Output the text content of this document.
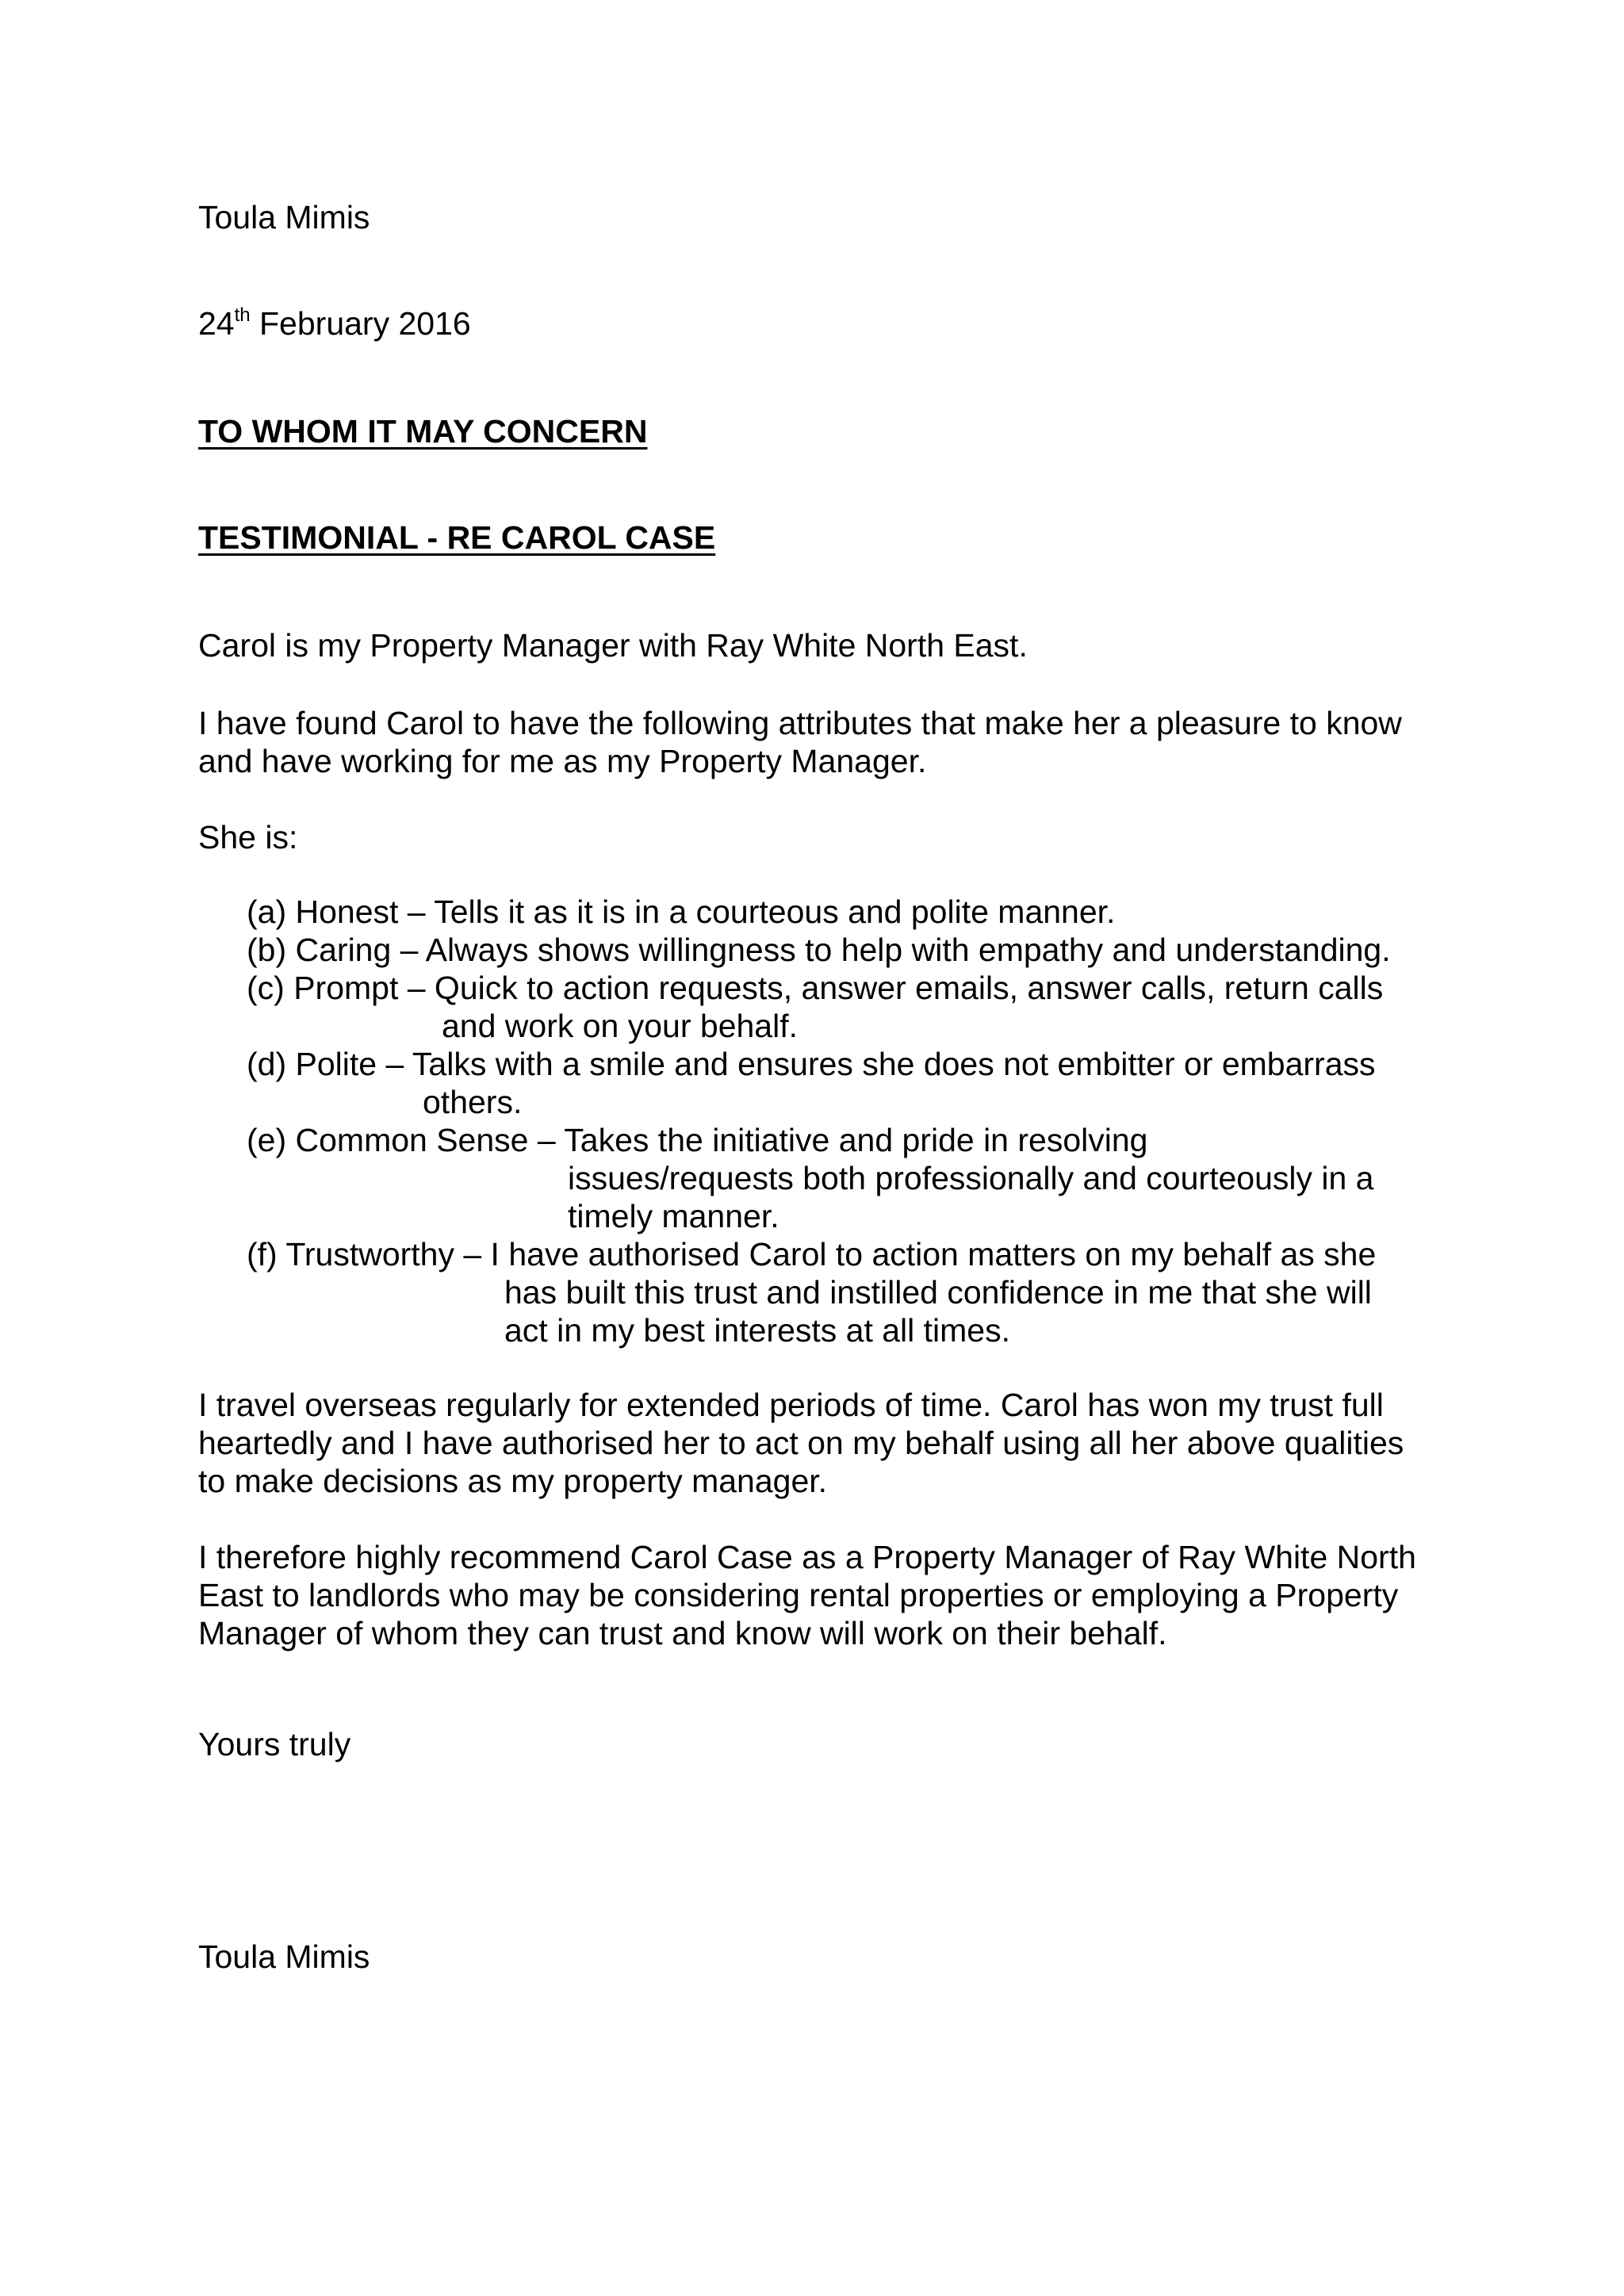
Toula Mimis
24th February 2016
TO WHOM IT MAY CONCERN
TESTIMONIAL - RE CAROL CASE
Carol is my Property Manager with Ray White North East.
I have found Carol to have the following attributes that make her a pleasure to know
and have working for me as my Property Manager.
She is:
(a) Honest – Tells it as it is in a courteous and polite manner.
(b) Caring – Always shows willingness to help with empathy and understanding.
(c) Prompt – Quick to action requests, answer emails, answer calls, return calls
and work on your behalf.
(d) Polite – Talks with a smile and ensures she does not embitter or embarrass
others.
(e) Common Sense – Takes the initiative and pride in resolving
issues/requests both professionally and courteously in a
timely manner.
(f) Trustworthy – I have authorised Carol to action matters on my behalf as she
has built this trust and instilled confidence in me that she will
act in my best interests at all times.
I travel overseas regularly for extended periods of time. Carol has won my trust full
heartedly and I have authorised her to act on my behalf using all her above qualities
to make decisions as my property manager.
I therefore highly recommend Carol Case as a Property Manager of Ray White North
East to landlords who may be considering rental properties or employing a Property
Manager of whom they can trust and know will work on their behalf.
Yours truly
Toula Mimis
